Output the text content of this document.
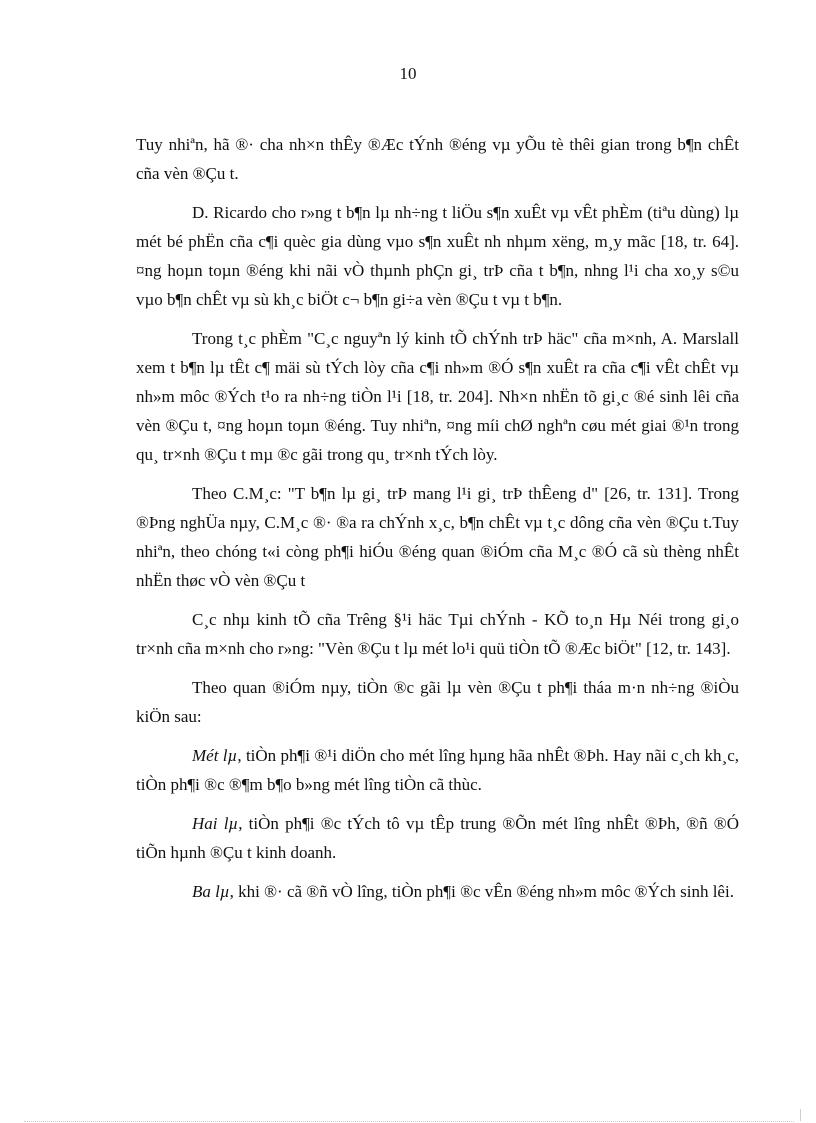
10

Tuy nhiªn, hã ®· cha nh×n thÊy ®Æc tÝnh ®éng vµ yÕu tè thêi gian trong b¶n chÊt cña vèn ®Çu t.

D. Ricardo cho r»ng t b¶n lµ nh÷ng t liÖu s¶n xuÊt vµ vÊt phÈm (tiªu dùng) lµ mét bé phËn cña c¶i quèc gia dùng vµo s¶n xuÊt nh nhµm xëng, m¸y mãc [18, tr. 64]. ¤ng hoµn toµn ®éng khi nãi vÒ thµnh phÇn gi¸ trÞ cña t b¶n, nhng l¹i cha xo¸y s©u vµo b¶n chÊt vµ sù kh¸c biÖt c¬ b¶n gi÷a vèn ®Çu t vµ t b¶n.

Trong t¸c phÈm "C¸c nguyªn lý kinh tÕ chÝnh trÞ häc" cña m×nh, A. Marslall xem t b¶n lµ tÊt c¶ mäi sù tÝch lòy cña c¶i nh»m ®Ó s¶n xuÊt ra cña c¶i vÊt chÊt vµ nh»m môc ®Ých t¹o ra nh÷ng tiÒn l¹i [18, tr. 204]. Nh×n nhËn tõ gi¸c ®é sinh lêi cña vèn ®Çu t, ¤ng hoµn toµn ®éng. Tuy nhiªn, ¤ng míi chØ nghªn cøu mét giai ®¹n trong qu¸ tr×nh ®Çu t mµ ®c gãi trong qu¸ tr×nh tÝch lòy.

Theo C.M¸c: "T b¶n lµ gi¸ trÞ mang l¹i gi¸ trÞ thÊeng d" [26, tr. 131]. Trong ®Þng nghÜa nµy, C.M¸c ®· ®a ra chÝnh x¸c, b¶n chÊt vµ t¸c dông cña vèn ®Çu t.Tuy nhiªn, theo chóng t«i còng ph¶i hiÓu ®éng quan ®iÓm cña M¸c ®Ó cã sù thèng nhÊt nhËn thøc vÒ vèn ®Çu t

C¸c nhµ kinh tÕ cña Trêng §¹i häc Tµi chÝnh - KÕ to¸n Hµ Néi trong gi¸o tr×nh cña m×nh cho r»ng: "Vèn ®Çu t lµ mét lo¹i quü tiÒn tÕ ®Æc biÖt" [12, tr. 143].

Theo quan ®iÓm nµy, tiÒn ®c gãi lµ vèn ®Çu t ph¶i tháa m·n nh÷ng ®iÒu kiÖn sau:

Mét lµ, tiÒn ph¶i ®¹i diÖn cho mét lîng hµng hãa nhÊt ®Þh. Hay nãi c¸ch kh¸c, tiÒn ph¶i ®c ®¶m b¶o b»ng mét lîng tiÒn cã thùc.

Hai lµ, tiÒn ph¶i ®c tÝch tô vµ tÊp trung ®Õn mét lîng nhÊt ®Þh, ®ñ ®Ó tiÕn hµnh ®Çu t kinh doanh.

Ba lµ, khi ®· cã ®ñ vÒ lîng, tiÒn ph¶i ®c vÊn ®éng nh»m môc ®Ých sinh lêi.
